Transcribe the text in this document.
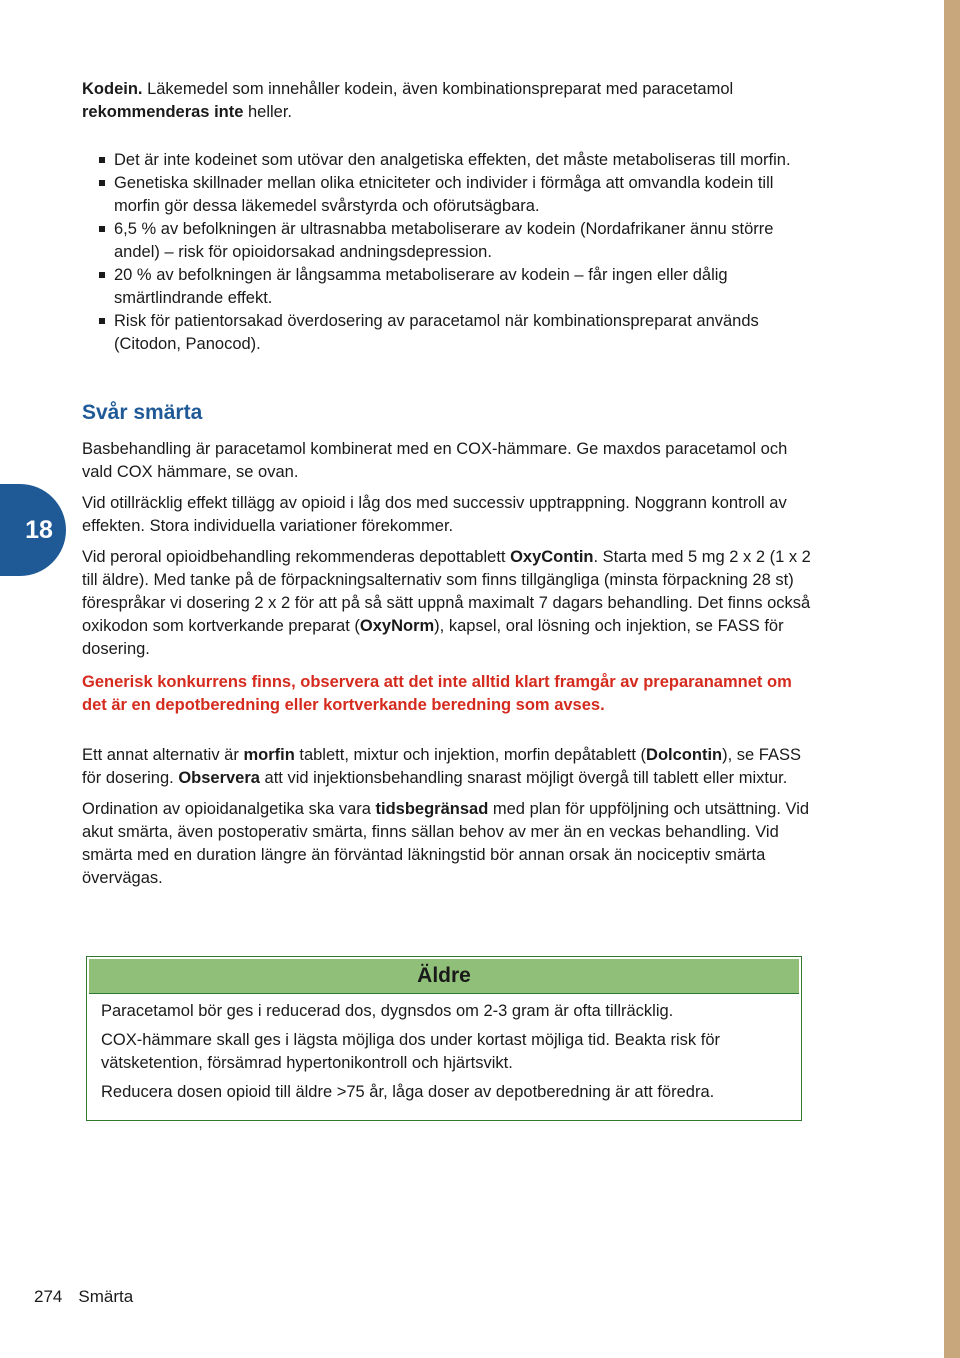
18

Kodein. Läkemedel som innehåller kodein, även kombinationspreparat med paracetamol rekommenderas inte heller.

Det är inte kodeinet som utövar den analgetiska effekten, det måste metaboliseras till morfin.
Genetiska skillnader mellan olika etniciteter och individer i förmåga att omvandla kodein till morfin gör dessa läkemedel svårstyrda och oförutsägbara.
6,5 % av befolkningen är ultrasnabba metaboliserare av kodein (Nordafrikaner ännu större andel) – risk för opioidorsakad andningsdepression.
20 % av befolkningen är långsamma metaboliserare av kodein – får ingen eller dålig smärtlindrande effekt.
Risk för patientorsakad överdosering av paracetamol när kombinationspreparat används (Citodon, Panocod).
Svår smärta

Basbehandling är paracetamol kombinerat med en COX-hämmare. Ge maxdos paracetamol och vald COX hämmare, se ovan.

Vid otillräcklig effekt tillägg av opioid i låg dos med successiv upptrappning. Noggrann kontroll av effekten. Stora individuella variationer förekommer.

Vid peroral opioidbehandling rekommenderas depottablett OxyContin. Starta med 5 mg 2 x 2 (1 x 2 till äldre). Med tanke på de förpackningsalternativ som finns tillgängliga (minsta förpackning 28 st) förespråkar vi dosering 2 x 2 för att på så sätt uppnå maximalt 7 dagars behandling. Det finns också oxikodon som kortverkande preparat (OxyNorm), kapsel, oral lösning och injektion, se FASS för dosering.

Generisk konkurrens finns, observera att det inte alltid klart framgår av preparanamnet om det är en depotberedning eller kortverkande beredning som avses.

Ett annat alternativ är morfin tablett, mixtur och injektion, morfin depåtablett (Dolcontin), se FASS för dosering. Observera att vid injektionsbehandling snarast möjligt övergå till tablett eller mixtur.

Ordination av opioidanalgetika ska vara tidsbegränsad med plan för uppföljning och utsättning. Vid akut smärta, även postoperativ smärta, finns sällan behov av mer än en veckas behandling. Vid smärta med en duration längre än förväntad läkningstid bör annan orsak än nociceptiv smärta övervägas.

Äldre

Paracetamol bör ges i reducerad dos, dygnsdos om 2-3 gram är ofta tillräcklig.

COX-hämmare skall ges i lägsta möjliga dos under kortast möjliga tid. Beakta risk för vätsketention, försämrad hypertonikontroll och hjärtsvikt.

Reducera dosen opioid till äldre >75 år, låga doser av depotberedning är att föredra.

274 Smärta
